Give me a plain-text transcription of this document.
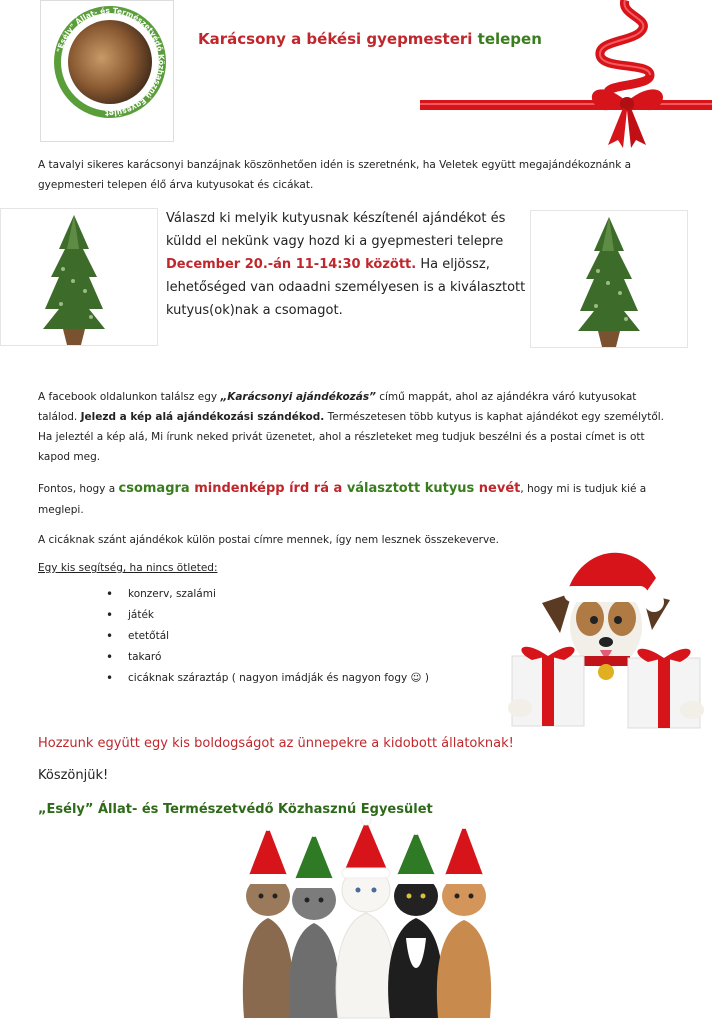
"Esély" Állat- és Természetvédő Közhasznú Egyesület
Karácsony a békési gyepmesteri telepen
A tavalyi sikeres karácsonyi banzájnak köszönhetően idén is szeretnénk, ha Veletek együtt megajándékoznánk a gyepmesteri telepen élő árva kutyusokat és cicákat.
Válaszd ki melyik kutyusnak készítenél ajándékot és küldd el nekünk vagy hozd ki a gyepmesteri telepre December 20.-án 11-14:30 között. Ha eljössz, lehetőséged van odaadni személyesen is a kiválasztott kutyus(ok)nak a csomagot.
A facebook oldalunkon találsz egy „Karácsonyi ajándékozás” című mappát, ahol az ajándékra váró kutyusokat találod. Jelezd a kép alá ajándékozási szándékod. Természetesen több kutyus is kaphat ajándékot egy személytől. Ha jeleztél a kép alá, Mi írunk neked privát üzenetet, ahol a részleteket meg tudjuk beszélni és a postai címet is ott kapod meg.
Fontos, hogy a csomagra mindenképp írd rá a választott kutyus nevét, hogy mi is tudjuk kié a meglepi.
A cicáknak szánt ajándékok külön postai címre mennek, így nem lesznek összekeverve.
Egy kis segítség, ha nincs ötleted:
• konzerv, szalámi
• játék
• etetőtál
• takaró
• cicáknak száraztáp ( nagyon imádják és nagyon fogy ☺ )
Hozzunk együtt egy kis boldogságot az ünnepekre a kidobott állatoknak!
Köszönjük!
„Esély” Állat- és Természetvédő Közhasznú Egyesület
